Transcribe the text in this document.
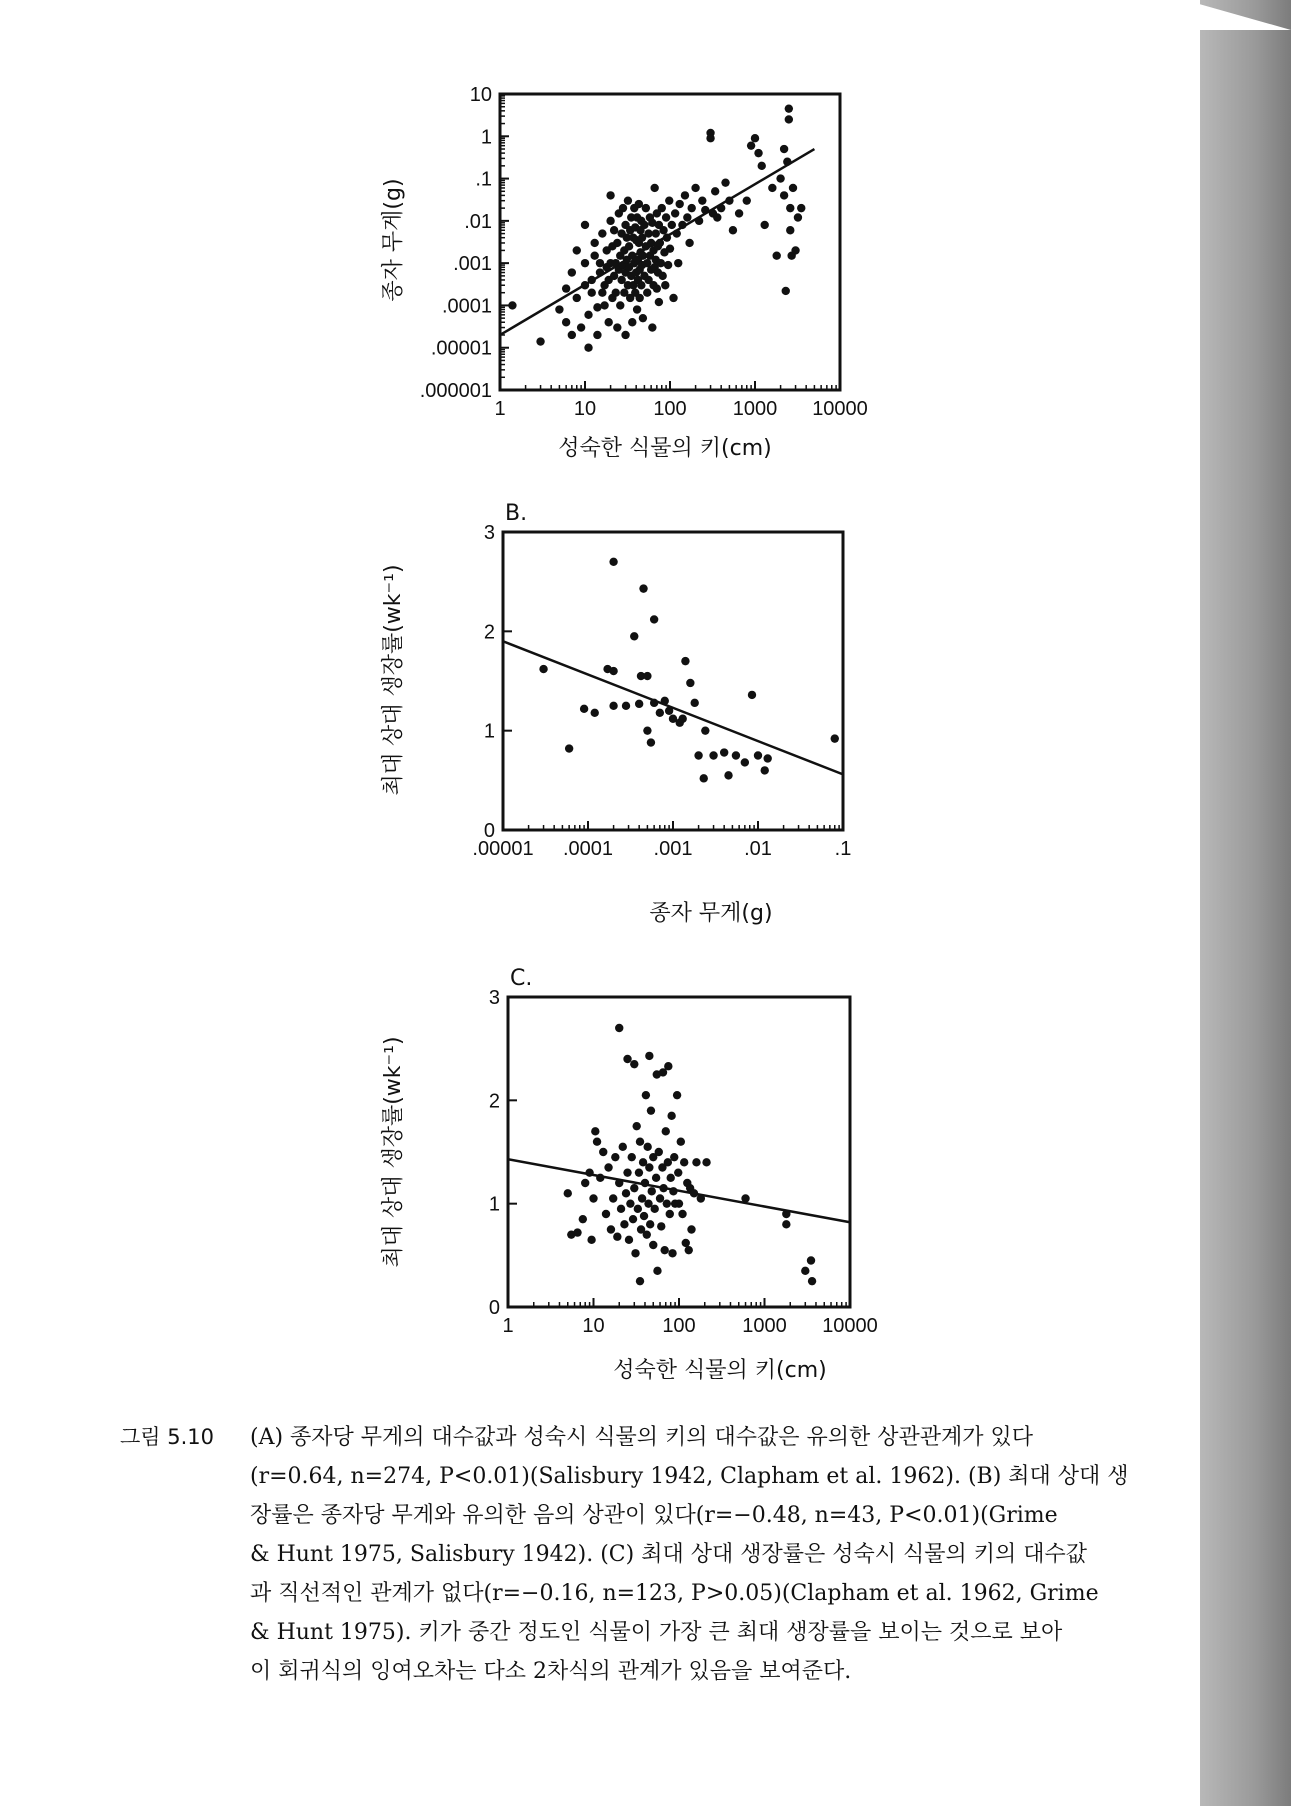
1	10	100 1000 10000
.000001
.00001
.0001
.001
.01
.1
1
10
성숙한 식물의 키(cm)
종자 무게(g)
.00001 .0001 .001	.01	.1
0
1
2
3
종자 무게(g)
최대 상대 생장률(wk⁻¹)
B.
1	10	100 1000 10000
0
1
2
3
성숙한 식물의 키(cm)
최대 상대 생장률(wk⁻¹)
C.
그림 5.10 (A) 종자당 무게의 대수값과 성숙시 식물의 키의 대수값은 유의한 상관관계가 있다
(r=0.64, n=274, P<0.01)(Salisbury 1942, Clapham et al. 1962). (B) 최대 상대 생
장률은 종자당 무게와 유의한 음의 상관이 있다(r=−0.48, n=43, P<0.01)(Grime
& Hunt 1975, Salisbury 1942). (C) 최대 상대 생장률은 성숙시 식물의 키의 대수값
과 직선적인 관계가 없다(r=−0.16, n=123, P>0.05)(Clapham et al. 1962, Grime
& Hunt 1975). 키가 중간 정도인 식물이 가장 큰 최대 생장률을 보이는 것으로 보아
이 회귀식의 잉여오차는 다소 2차식의 관계가 있음을 보여준다.
